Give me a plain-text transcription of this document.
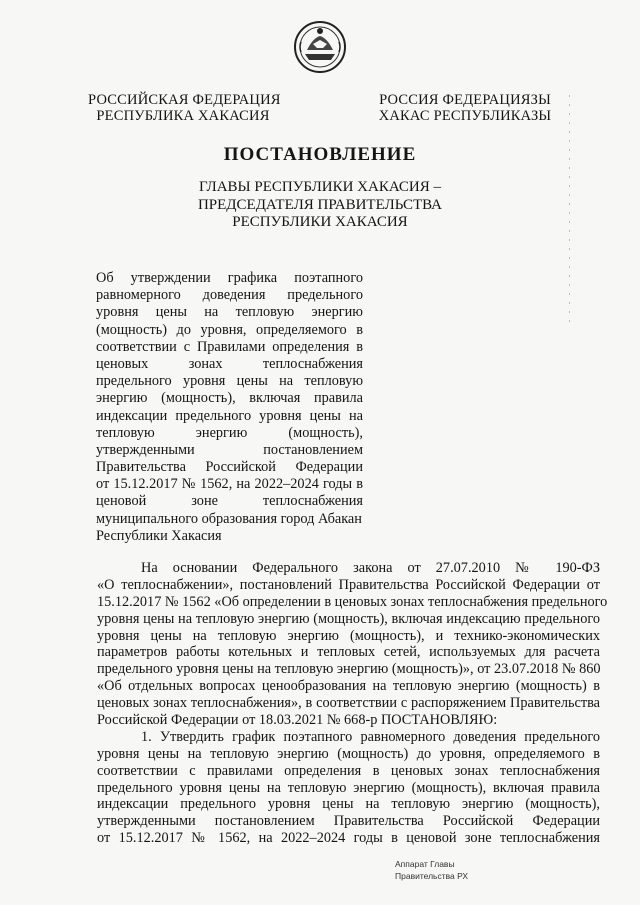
РОССИЙСКАЯ ФЕДЕРАЦИЯ
РЕСПУБЛИКА ХАКАСИЯ
РОССИЯ ФЕДЕРАЦИЯЗЫ
ХАКАС РЕСПУБЛИКАЗЫ
ПОСТАНОВЛЕНИЕ
ГЛАВЫ РЕСПУБЛИКИ ХАКАСИЯ –
ПРЕДСЕДАТЕЛЯ ПРАВИТЕЛЬСТВА
РЕСПУБЛИКИ ХАКАСИЯ
Об утверждении графика поэтапного
равномерного доведения предельного
уровня цены на тепловую энергию
(мощность) до уровня, определяемого в
соответствии с Правилами определения в
ценовых зонах теплоснабжения
предельного уровня цены на тепловую
энергию (мощность), включая правила
индексации предельного уровня цены на
тепловую энергию (мощность),
утвержденными постановлением
Правительства Российской Федерации
от 15.12.2017 № 1562, на 2022–2024 годы в
ценовой зоне теплоснабжения
муниципального образования город Абакан
Республики Хакасия
На основании Федерального закона от 27.07.2010 № 190-ФЗ
«О теплоснабжении», постановлений Правительства Российской Федерации от
15.12.2017 № 1562 «Об определении в ценовых зонах теплоснабжения предельного
уровня цены на тепловую энергию (мощность), включая индексацию предельного
уровня цены на тепловую энергию (мощность), и технико-экономических
параметров работы котельных и тепловых сетей, используемых для расчета
предельного уровня цены на тепловую энергию (мощность)», от 23.07.2018 № 860
«Об отдельных вопросах ценообразования на тепловую энергию (мощность) в
ценовых зонах теплоснабжения», в соответствии с распоряжением Правительства
Российской Федерации от 18.03.2021 № 668-р ПОСТАНОВЛЯЮ:
1. Утвердить график поэтапного равномерного доведения предельного
уровня цены на тепловую энергию (мощность) до уровня, определяемого в
соответствии с правилами определения в ценовых зонах теплоснабжения
предельного уровня цены на тепловую энергию (мощность), включая правила
индексации предельного уровня цены на тепловую энергию (мощность),
утвержденными постановлением Правительства Российской Федерации
от 15.12.2017 № 1562, на 2022–2024 годы в ценовой зоне теплоснабжения
Аппарат Главы
Правительства РХ
